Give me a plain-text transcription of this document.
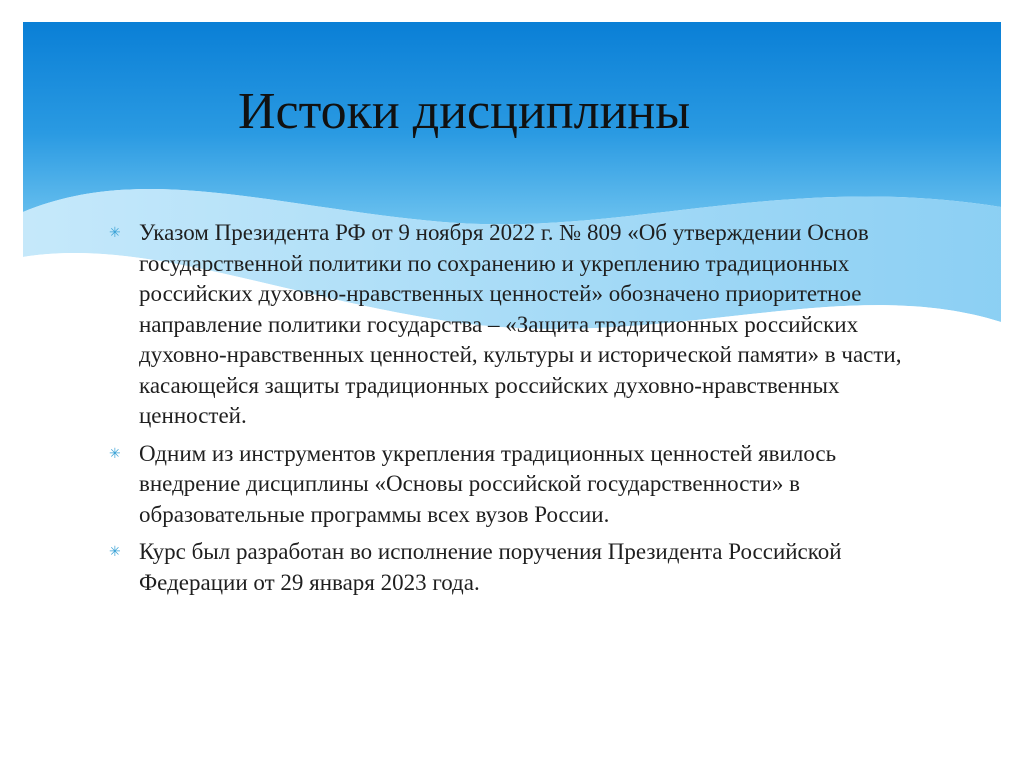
Истоки дисциплины
✳ Указом Президента РФ от 9 ноября 2022 г. № 809 «Об утверждении Основ государственной политики по сохранению и укреплению традиционных российских духовно-нравственных ценностей» обозначено приоритетное направление политики государства – «Защита традиционных российских духовно-нравственных ценностей, культуры и исторической памяти» в части, касающейся защиты традиционных российских духовно-нравственных ценностей.
✳ Одним из инструментов укрепления традиционных ценностей явилось внедрение дисциплины «Основы российской государственности» в образовательные программы всех вузов России.
✳ Курс был разработан во исполнение поручения Президента Российской Федерации от 29 января 2023 года.
